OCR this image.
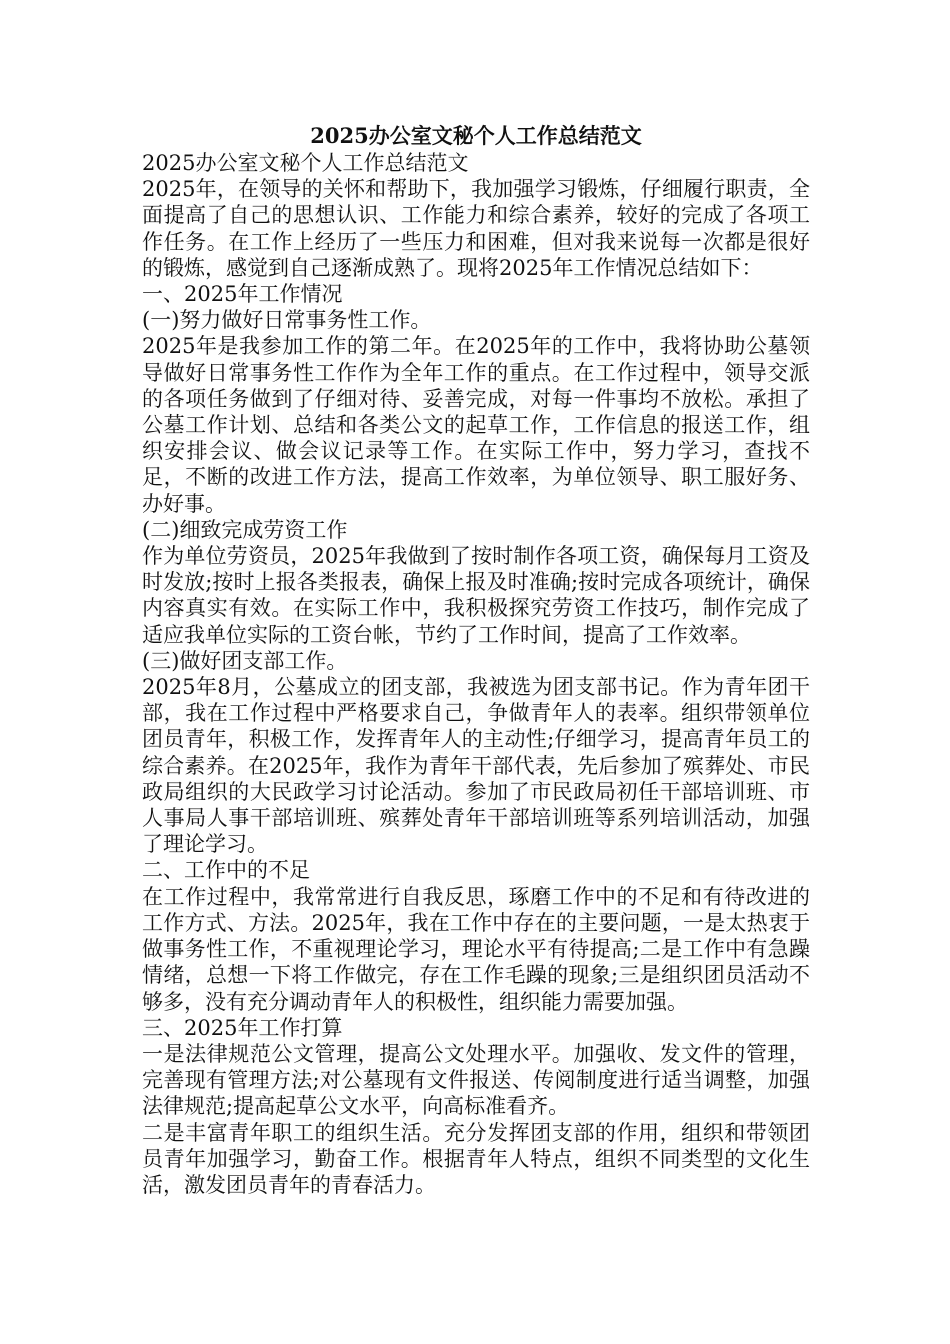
2025办公室文秘个人工作总结范文

2025办公室文秘个人工作总结范文

2025年，在领导的关怀和帮助下，我加强学习锻炼，仔细履行职责，全面提高了自己的思想认识、工作能力和综合素养，较好的完成了各项工作任务。在工作上经历了一些压力和困难，但对我来说每一次都是很好的锻炼，感觉到自己逐渐成熟了。现将2025年工作情况总结如下：

一、2025年工作情况

(一)努力做好日常事务性工作。

2025年是我参加工作的第二年。在2025年的工作中，我将协助公墓领导做好日常事务性工作作为全年工作的重点。在工作过程中，领导交派的各项任务做到了仔细对待、妥善完成，对每一件事均不放松。承担了公墓工作计划、总结和各类公文的起草工作，工作信息的报送工作，组织安排会议、做会议记录等工作。在实际工作中，努力学习，查找不足，不断的改进工作方法，提高工作效率，为单位领导、职工服好务、办好事。

(二)细致完成劳资工作

作为单位劳资员，2025年我做到了按时制作各项工资，确保每月工资及时发放;按时上报各类报表，确保上报及时准确;按时完成各项统计，确保内容真实有效。在实际工作中，我积极探究劳资工作技巧，制作完成了适应我单位实际的工资台帐，节约了工作时间，提高了工作效率。

(三)做好团支部工作。

2025年8月，公墓成立的团支部，我被选为团支部书记。作为青年团干部，我在工作过程中严格要求自己，争做青年人的表率。组织带领单位团员青年，积极工作，发挥青年人的主动性;仔细学习，提高青年员工的综合素养。在2025年，我作为青年干部代表，先后参加了殡葬处、市民政局组织的大民政学习讨论活动。参加了市民政局初任干部培训班、市人事局人事干部培训班、殡葬处青年干部培训班等系列培训活动，加强了理论学习。

二、工作中的不足

在工作过程中，我常常进行自我反思，琢磨工作中的不足和有待改进的工作方式、方法。2025年，我在工作中存在的主要问题，一是太热衷于做事务性工作，不重视理论学习，理论水平有待提高;二是工作中有急躁情绪，总想一下将工作做完，存在工作毛躁的现象;三是组织团员活动不够多，没有充分调动青年人的积极性，组织能力需要加强。

三、2025年工作打算

一是法律规范公文管理，提高公文处理水平。加强收、发文件的管理，完善现有管理方法;对公墓现有文件报送、传阅制度进行适当调整，加强法律规范;提高起草公文水平，向高标准看齐。

二是丰富青年职工的组织生活。充分发挥团支部的作用，组织和带领团员青年加强学习，勤奋工作。根据青年人特点，组织不同类型的文化生活，激发团员青年的青春活力。
